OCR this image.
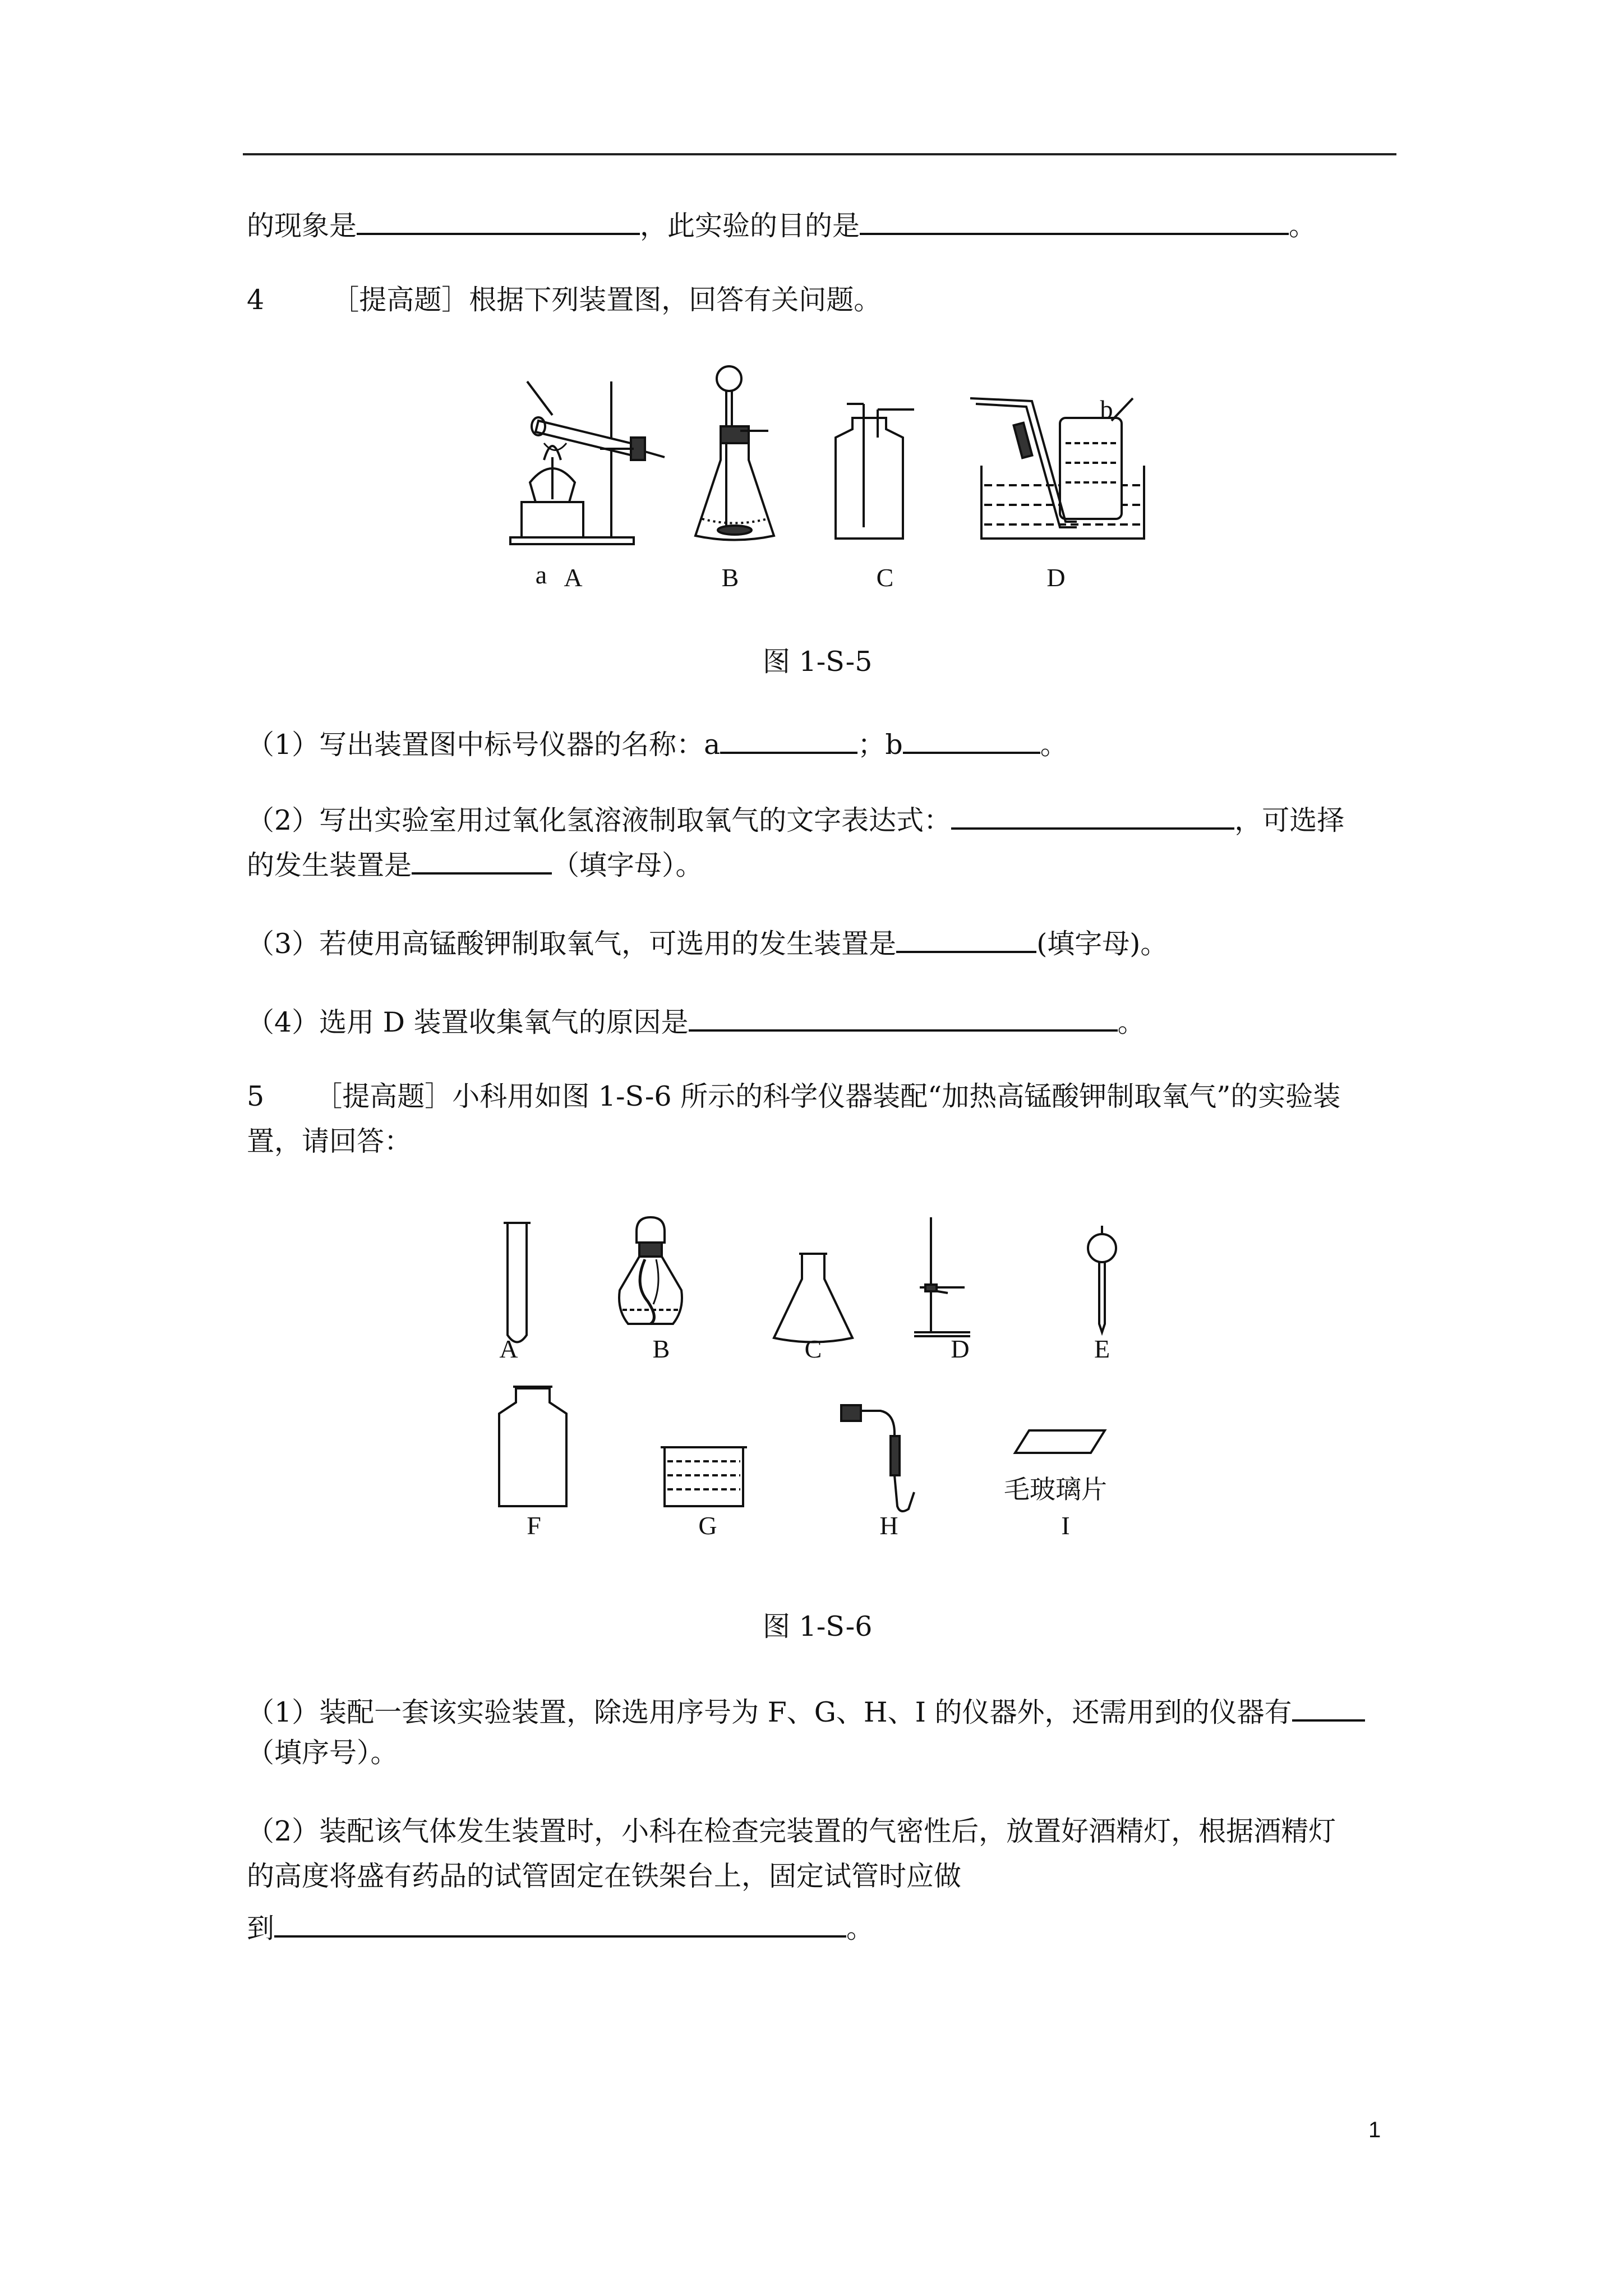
的现象是	，此实验的目的是	。
4 ［提高题］根据下列装置图，回答有关问题。
a
b
A	B	C	D
图 1-S-5
（1）写出装置图中标号仪器的名称：a	；b	。
（2）写出实验室用过氧化氢溶液制取氧气的文字表达式：	，可选择
的发生装置是	（填字母）。
（3）若使用高锰酸钾制取氧气，可选用的发生装置是	(填字母)。
（4）选用 D 装置收集氧气的原因是	。
5 ［提高题］小科用如图 1-S-6 所示的科学仪器装配“加热高锰酸钾制取氧气”的实验装
置，请回答：
A	B	C	D	E
F	G	H	I
毛玻璃片
图 1-S-6
（1）装配一套该实验装置，除选用序号为 F、G、H、I 的仪器外，还需用到的仪器有
（填序号）。
（2）装配该气体发生装置时，小科在检查完装置的气密性后，放置好酒精灯，根据酒精灯
的高度将盛有药品的试管固定在铁架台上，固定试管时应做
到	。
1
